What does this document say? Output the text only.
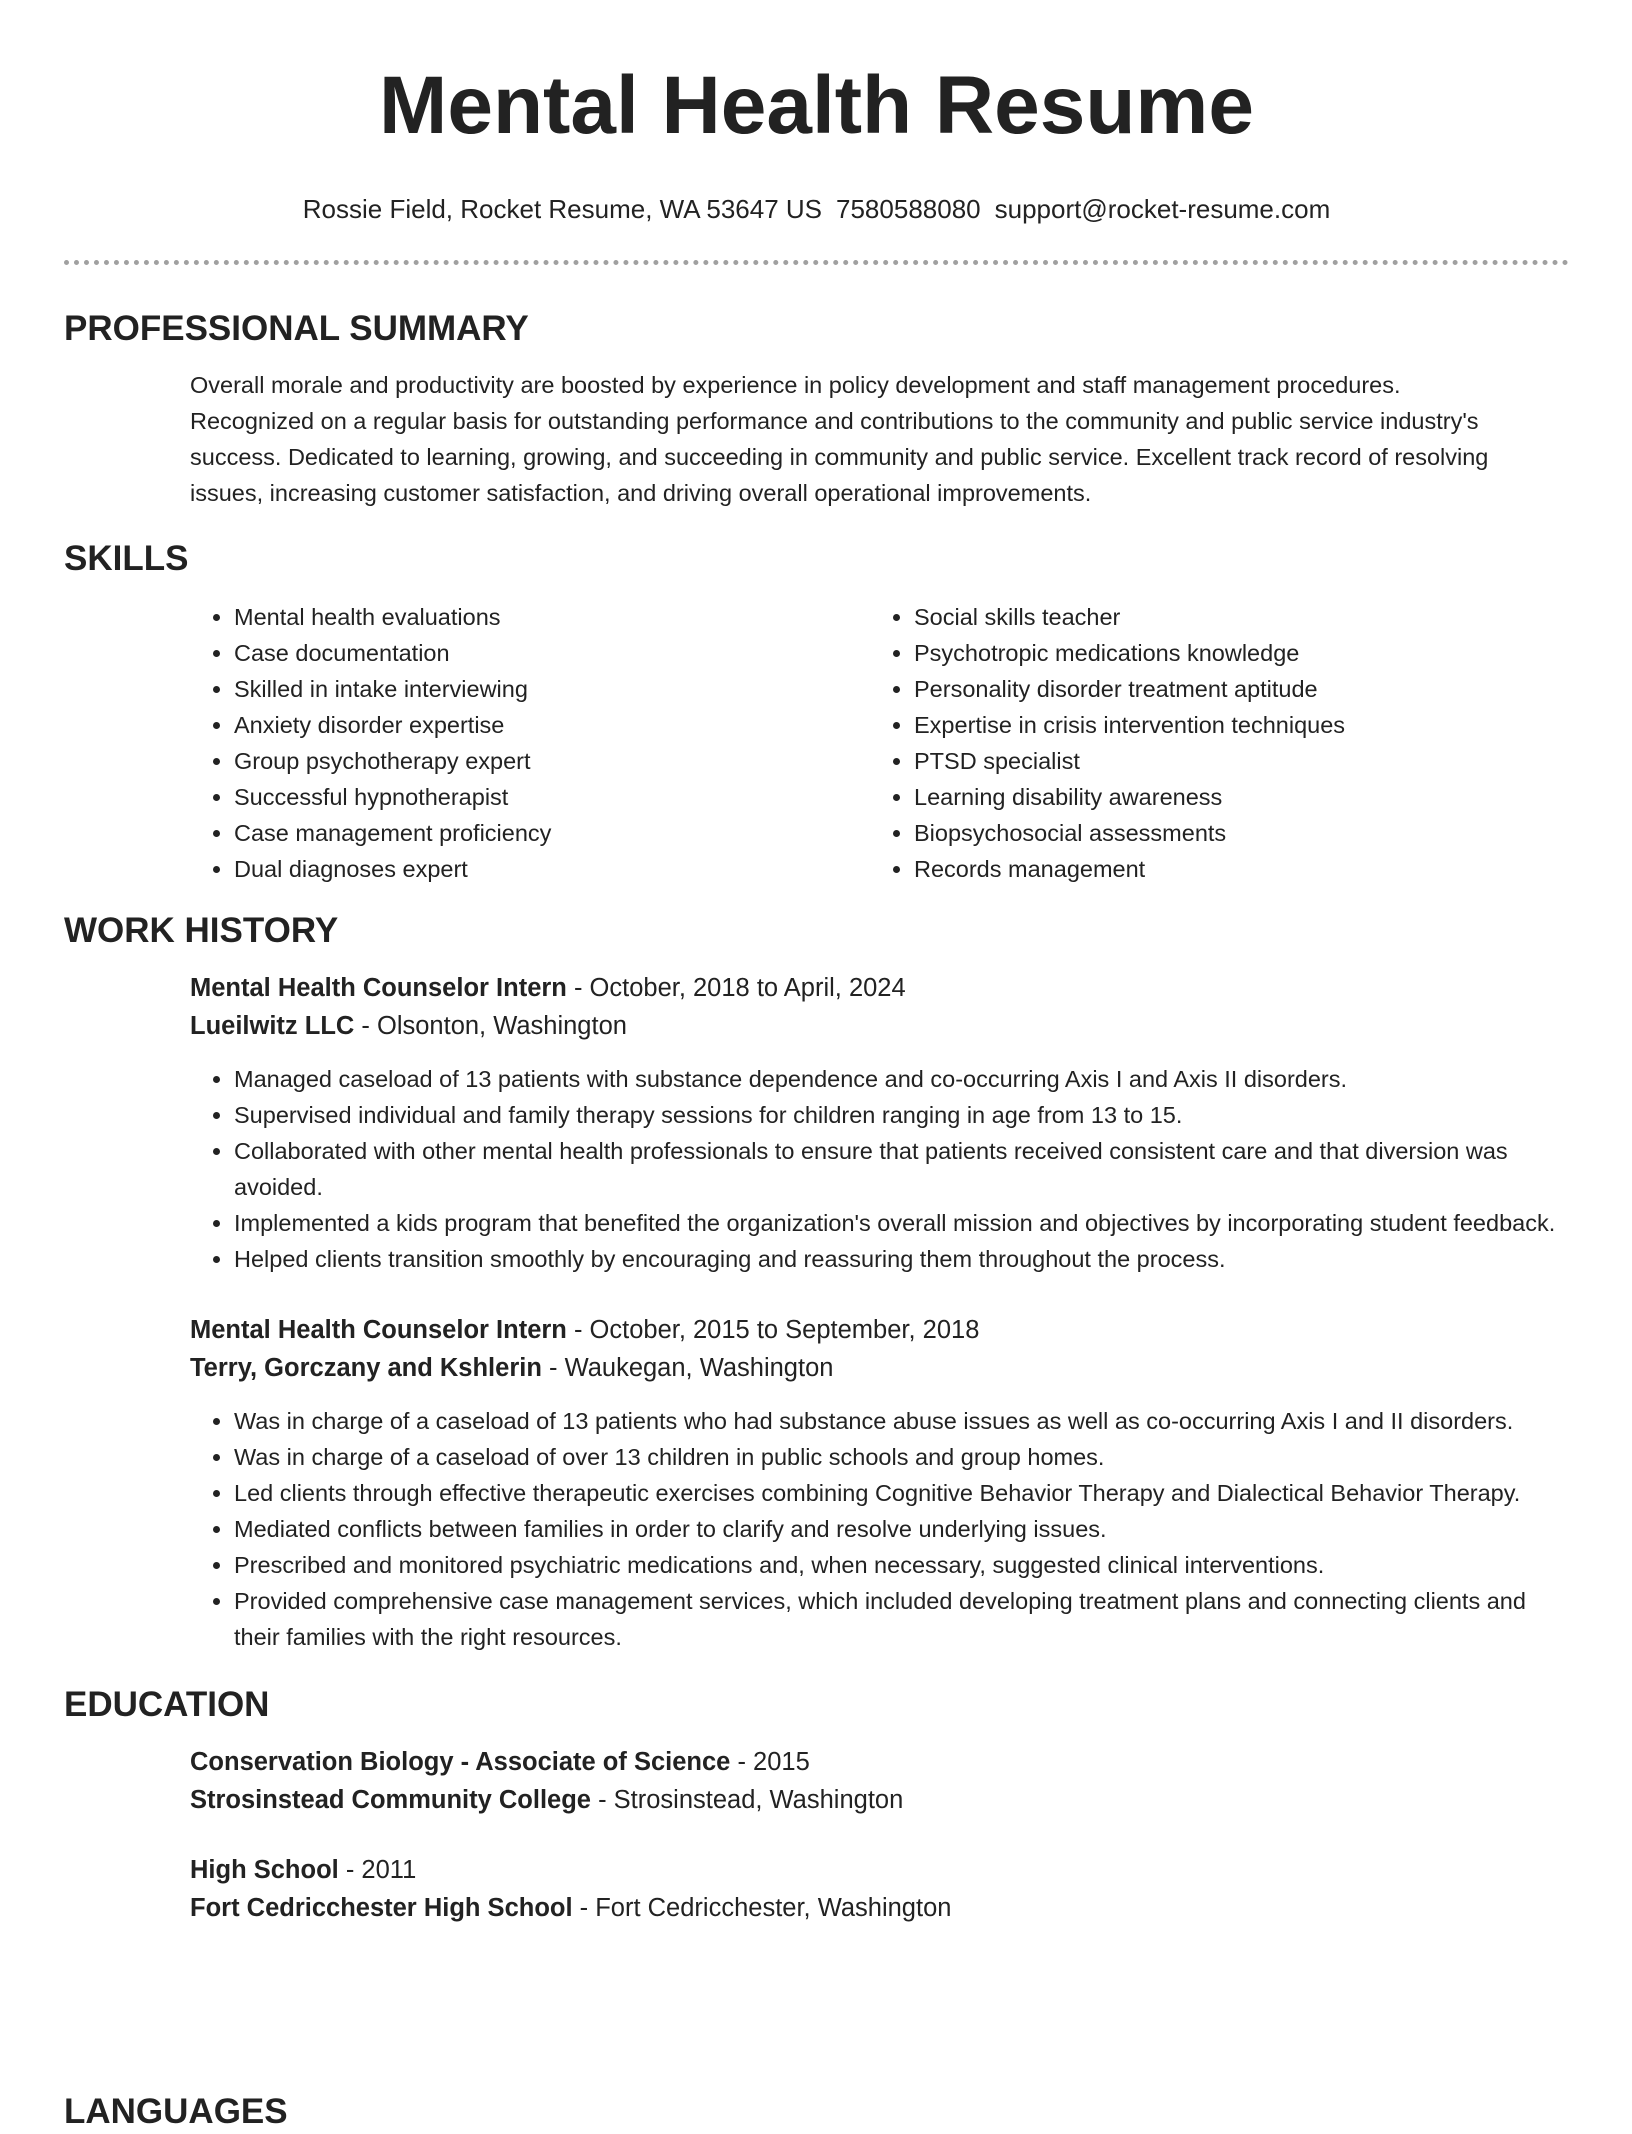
Mental Health Resume
Rossie Field, Rocket Resume, WA 53647 US 7580588080 support@rocket-resume.com
PROFESSIONAL SUMMARY
Overall morale and productivity are boosted by experience in policy development and staff management procedures.
Recognized on a regular basis for outstanding performance and contributions to the community and public service industry's
success. Dedicated to learning, growing, and succeeding in community and public service. Excellent track record of resolving
issues, increasing customer satisfaction, and driving overall operational improvements.
SKILLS
• Mental health evaluations
• Case documentation
• Skilled in intake interviewing
• Anxiety disorder expertise
• Group psychotherapy expert
• Successful hypnotherapist
• Case management proficiency
• Dual diagnoses expert
• Social skills teacher
• Psychotropic medications knowledge
• Personality disorder treatment aptitude
• Expertise in crisis intervention techniques
• PTSD specialist
• Learning disability awareness
• Biopsychosocial assessments
• Records management
WORK HISTORY
Mental Health Counselor Intern - October, 2018 to April, 2024
Lueilwitz LLC - Olsonton, Washington
• Managed caseload of 13 patients with substance dependence and co-occurring Axis I and Axis II disorders.
• Supervised individual and family therapy sessions for children ranging in age from 13 to 15.
• Collaborated with other mental health professionals to ensure that patients received consistent care and that diversion was avoided.
• Implemented a kids program that benefited the organization's overall mission and objectives by incorporating student feedback.
• Helped clients transition smoothly by encouraging and reassuring them throughout the process.
Mental Health Counselor Intern - October, 2015 to September, 2018
Terry, Gorczany and Kshlerin - Waukegan, Washington
• Was in charge of a caseload of 13 patients who had substance abuse issues as well as co-occurring Axis I and II disorders.
• Was in charge of a caseload of over 13 children in public schools and group homes.
• Led clients through effective therapeutic exercises combining Cognitive Behavior Therapy and Dialectical Behavior Therapy.
• Mediated conflicts between families in order to clarify and resolve underlying issues.
• Prescribed and monitored psychiatric medications and, when necessary, suggested clinical interventions.
• Provided comprehensive case management services, which included developing treatment plans and connecting clients and their families with the right resources.
EDUCATION
Conservation Biology - Associate of Science - 2015
Strosinstead Community College - Strosinstead, Washington
High School - 2011
Fort Cedricchester High School - Fort Cedricchester, Washington
LANGUAGES
